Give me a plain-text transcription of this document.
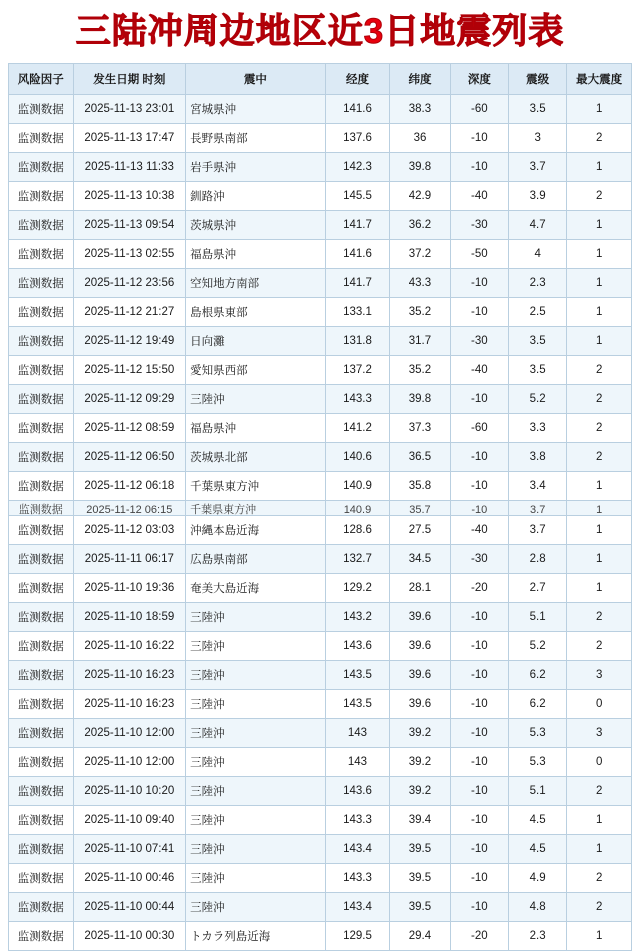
三陆冲周边地区近3日地震列表
风险因子	发生日期 时刻	震中	经度	纬度	深度	震级	最大震度
监测数据	2025-11-13 23:01	宮城県沖	141.6	38.3	-60	3.5	1
监测数据	2025-11-13 17:47	長野県南部	137.6	36	-10	3	2
监测数据	2025-11-13 11:33	岩手県沖	142.3	39.8	-10	3.7	1
监测数据	2025-11-13 10:38	釧路沖	145.5	42.9	-40	3.9	2
监测数据	2025-11-13 09:54	茨城県沖	141.7	36.2	-30	4.7	1
监测数据	2025-11-13 02:55	福島県沖	141.6	37.2	-50	4	1
监测数据	2025-11-12 23:56	空知地方南部	141.7	43.3	-10	2.3	1
监测数据	2025-11-12 21:27	島根県東部	133.1	35.2	-10	2.5	1
监测数据	2025-11-12 19:49	日向灘	131.8	31.7	-30	3.5	1
监测数据	2025-11-12 15:50	愛知県西部	137.2	35.2	-40	3.5	2
监测数据	2025-11-12 09:29	三陸沖	143.3	39.8	-10	5.2	2
监测数据	2025-11-12 08:59	福島県沖	141.2	37.3	-60	3.3	2
监测数据	2025-11-12 06:50	茨城県北部	140.6	36.5	-10	3.8	2
监测数据	2025-11-12 06:18	千葉県東方沖	140.9	35.8	-10	3.4	1
监测数据	2025-11-12 06:15	千葉県東方沖	140.9	35.7	-10	3.7	1
监测数据	2025-11-12 03:03	沖縄本島近海	128.6	27.5	-40	3.7	1
监测数据	2025-11-11 06:17	広島県南部	132.7	34.5	-30	2.8	1
监测数据	2025-11-10 19:36	奄美大島近海	129.2	28.1	-20	2.7	1
监测数据	2025-11-10 18:59	三陸沖	143.2	39.6	-10	5.1	2
监测数据	2025-11-10 16:22	三陸沖	143.6	39.6	-10	5.2	2
监测数据	2025-11-10 16:23	三陸沖	143.5	39.6	-10	6.2	3
监测数据	2025-11-10 16:23	三陸沖	143.5	39.6	-10	6.2	0
监测数据	2025-11-10 12:00	三陸沖	143	39.2	-10	5.3	3
监测数据	2025-11-10 12:00	三陸沖	143	39.2	-10	5.3	0
监测数据	2025-11-10 10:20	三陸沖	143.6	39.2	-10	5.1	2
监测数据	2025-11-10 09:40	三陸沖	143.3	39.4	-10	4.5	1
监测数据	2025-11-10 07:41	三陸沖	143.4	39.5	-10	4.5	1
监测数据	2025-11-10 00:46	三陸沖	143.3	39.5	-10	4.9	2
监测数据	2025-11-10 00:44	三陸沖	143.4	39.5	-10	4.8	2
监测数据	2025-11-10 00:30	トカラ列島近海	129.5	29.4	-20	2.3	1
